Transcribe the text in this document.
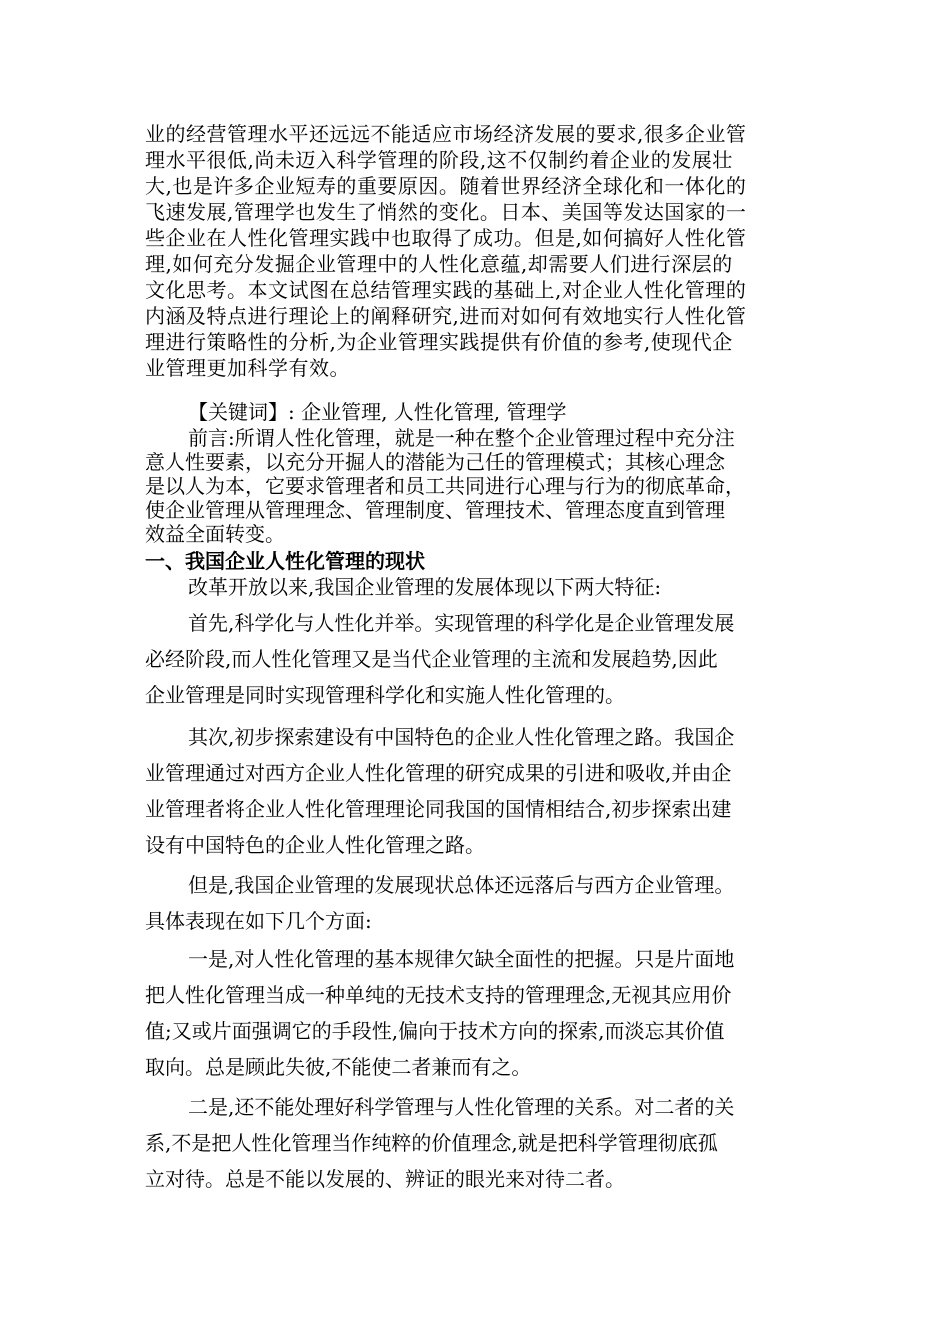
业的经营管理水平还远远不能适应市场经济发展的要求,很多企业管
理水平很低,尚未迈入科学管理的阶段,这不仅制约着企业的发展壮
大,也是许多企业短寿的重要原因。随着世界经济全球化和一体化的
飞速发展,管理学也发生了悄然的变化。日本、美国等发达国家的一
些企业在人性化管理实践中也取得了成功。但是,如何搞好人性化管
理,如何充分发掘企业管理中的人性化意蕴,却需要人们进行深层的
文化思考。本文试图在总结管理实践的基础上,对企业人性化管理的
内涵及特点进行理论上的阐释研究,进而对如何有效地实行人性化管
理进行策略性的分析,为企业管理实践提供有价值的参考,使现代企
业管理更加科学有效。
【关键词】: 企业管理, 人性化管理, 管理学
前言:所谓人性化管理，就是一种在整个企业管理过程中充分注
意人性要素，以充分开掘人的潜能为己任的管理模式；其核心理念
是以人为本，它要求管理者和员工共同进行心理与行为的彻底革命，
使企业管理从管理理念、管理制度、管理技术、管理态度直到管理
效益全面转变。
一、我国企业人性化管理的现状
改革开放以来,我国企业管理的发展体现以下两大特征:
首先,科学化与人性化并举。实现管理的科学化是企业管理发展
必经阶段,而人性化管理又是当代企业管理的主流和发展趋势,因此
企业管理是同时实现管理科学化和实施人性化管理的。
其次,初步探索建设有中国特色的企业人性化管理之路。我国企
业管理通过对西方企业人性化管理的研究成果的引进和吸收,并由企
业管理者将企业人性化管理理论同我国的国情相结合,初步探索出建
设有中国特色的企业人性化管理之路。
但是,我国企业管理的发展现状总体还远落后与西方企业管理。
具体表现在如下几个方面:
一是,对人性化管理的基本规律欠缺全面性的把握。只是片面地
把人性化管理当成一种单纯的无技术支持的管理理念,无视其应用价
值;又或片面强调它的手段性,偏向于技术方向的探索,而淡忘其价值
取向。总是顾此失彼,不能使二者兼而有之。
二是,还不能处理好科学管理与人性化管理的关系。对二者的关
系,不是把人性化管理当作纯粹的价值理念,就是把科学管理彻底孤
立对待。总是不能以发展的、辨证的眼光来对待二者。
